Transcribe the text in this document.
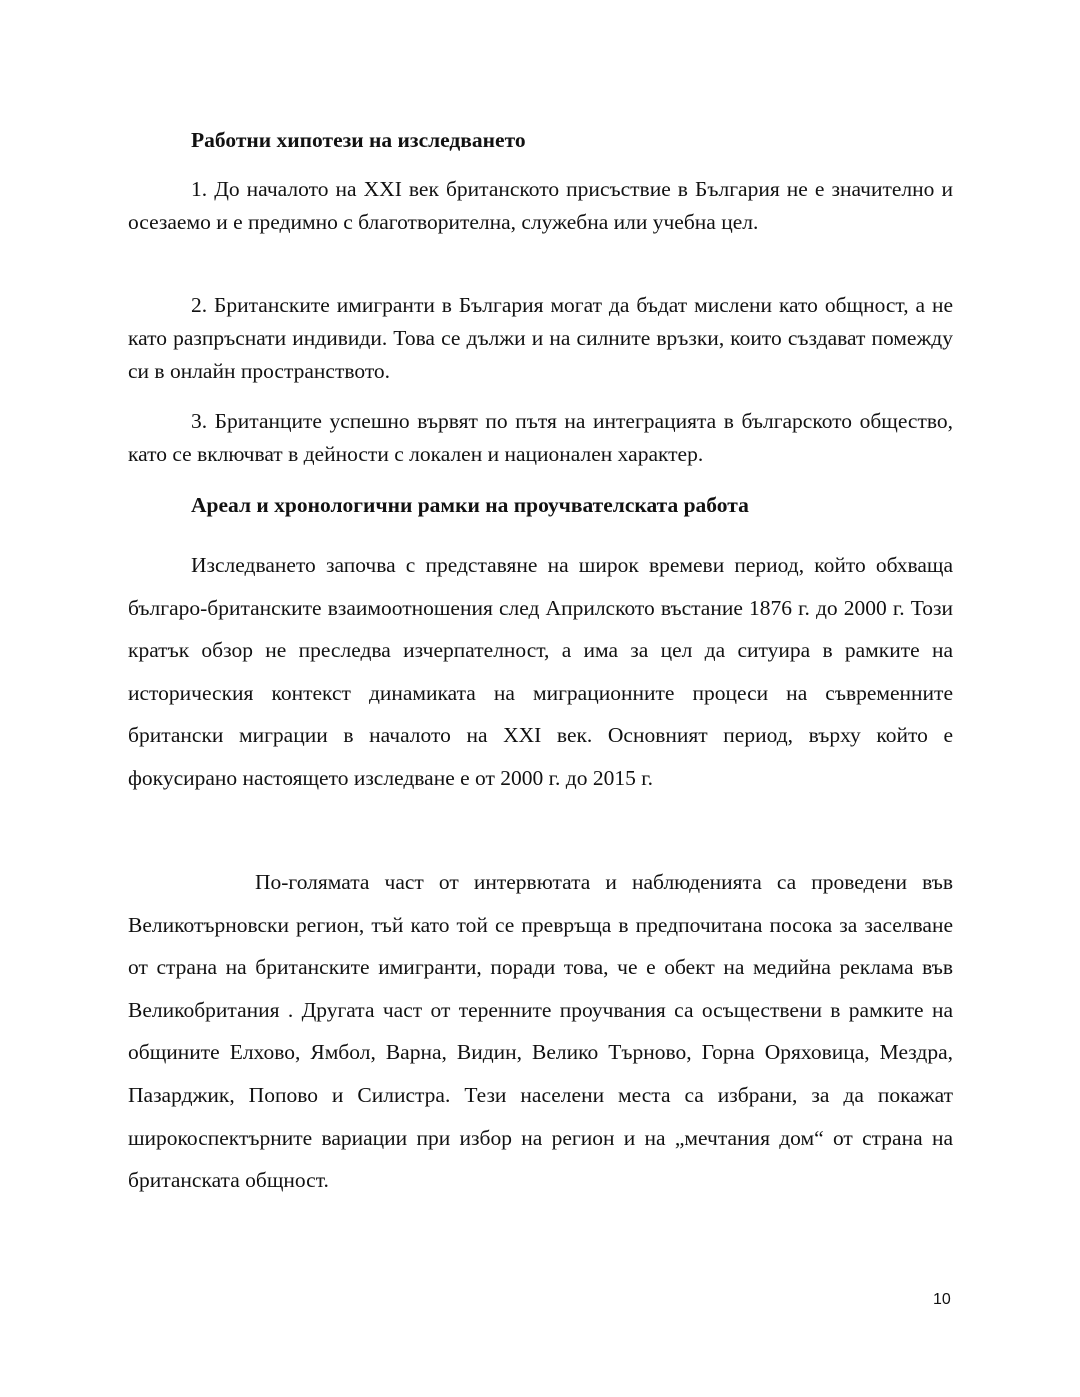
Работни хипотези на изследването

1. До началото на XXI век британското присъствие в България не е значително и осезаемо и е предимно с благотворителна, служебна или учебна цел.

2. Британските имигранти в България могат да бъдат мислени като общност, а не като разпръснати индивиди. Това се дължи и на силните връзки, които създават помежду си в онлайн пространството.

3. Британците успешно вървят по пътя на интеграцията в българското общество, като се включват в дейности с локален и национален характер.

Ареал и хронологични рамки на проучвателската работа

Изследването започва с представяне на широк времеви период, който обхваща българо-британските взаимоотношения след Априлското въстание 1876 г. до 2000 г. Този кратък обзор не преследва изчерпателност, а има за цел да ситуира в рамките на историческия контекст динамиката на миграционните процеси на съвременните британски миграции в началото на XXI век. Основният период, върху който е фокусирано настоящето изследване е от 2000 г. до 2015 г.

По-голямата част от интервютата и наблюденията са проведени във Великотърновски регион, тъй като той се превръща в предпочитана посока за заселване от страна на британските имигранти, поради това, че е обект на медийна реклама във Великобритания . Другата част от теренните проучвания са осъществени в рамките на общините Елхово, Ямбол, Варна, Видин, Велико Търново, Горна Оряховица, Мездра, Пазарджик, Попово и Силистра. Тези населени места са избрани, за да покажат широкоспектърните вариации при избор на регион и на „мечтания дом“ от страна на британската общност.

10
